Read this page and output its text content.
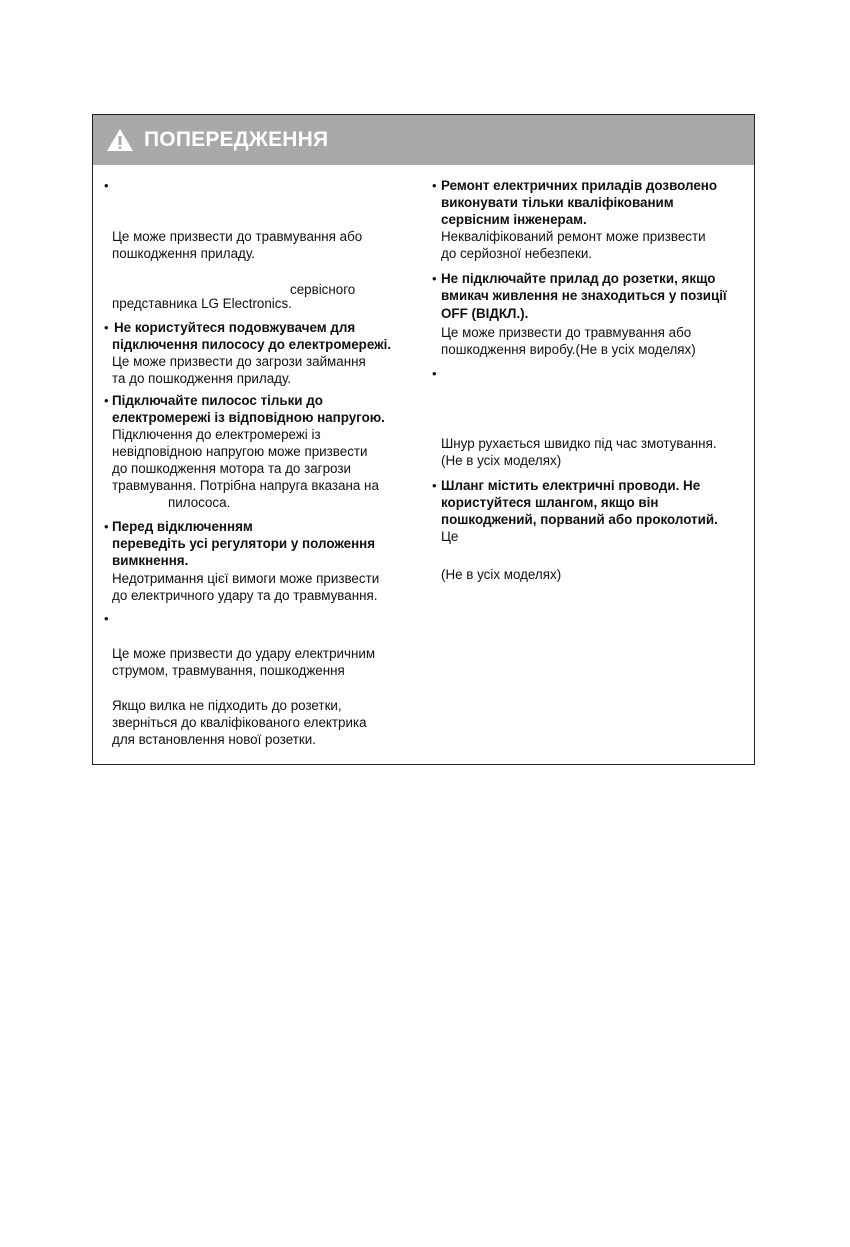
ПОПЕРЕДЖЕННЯ
•
Це може призвести до травмування або
пошкодження приладу.
сервісного
представника LG Electronics.
• Не користуйтеся подовжувачем для
підключення пилососу до електромережі.
Це може призвести до загрози займання
та до пошкодження приладу.
• Підключайте пилосос тільки до
електромережі із відповідною напругою.
Підключення до електромережі із
невідповідною напругою може призвести
до пошкодження мотора та до загрози
травмування. Потрібна напруга вказана на
пилососа.
• Перед відключенням
переведіть усі регулятори у положення
вимкнення.
Недотримання цієї вимоги може призвести
до електричного удару та до травмування.
•
Це може призвести до удару електричним
струмом, травмування, пошкодження
Якщо вилка не підходить до розетки,
зверніться до кваліфікованого електрика
для встановлення нової розетки.
• Ремонт електричних приладів дозволено
виконувати тільки кваліфікованим
сервісним інженерам.
Некваліфікований ремонт може призвести
до серйозної небезпеки.
• Не підключайте прилад до розетки, якщо
вмикач живлення не знаходиться у позиції
OFF (ВІДКЛ.).
Це може призвести до травмування або
пошкодження виробу.(Не в усіх моделях)
•
Шнур рухається швидко під час змотування.
(Не в усіх моделях)
• Шланг містить електричні проводи. Не
користуйтеся шлангом, якщо він
пошкоджений, порваний або проколотий.
Це
(Не в усіх моделях)
